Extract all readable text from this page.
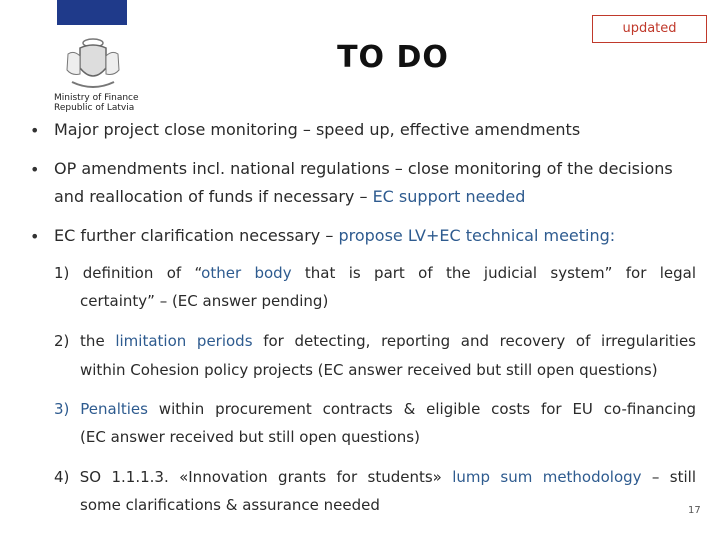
Ministry of Finance
Republic of Latvia
TO DO
updated
• Major project close monitoring – speed up, effective amendments
• OP amendments incl. national regulations – close monitoring of the decisions
and reallocation of funds if necessary – EC support needed
• EC further clarification necessary – propose LV+EC technical meeting:
1) definition of “other body that is part of the judicial system” for legal
certainty” – (EC answer pending)
2) the limitation periods for detecting, reporting and recovery of irregularities
within Cohesion policy projects (EC answer received but still open questions)
3) Penalties within procurement contracts & eligible costs for EU co-financing
(EC answer received but still open questions)
4) SO 1.1.1.3. «Innovation grants for students» lump sum methodology – still
some clarifications & assurance needed	17
